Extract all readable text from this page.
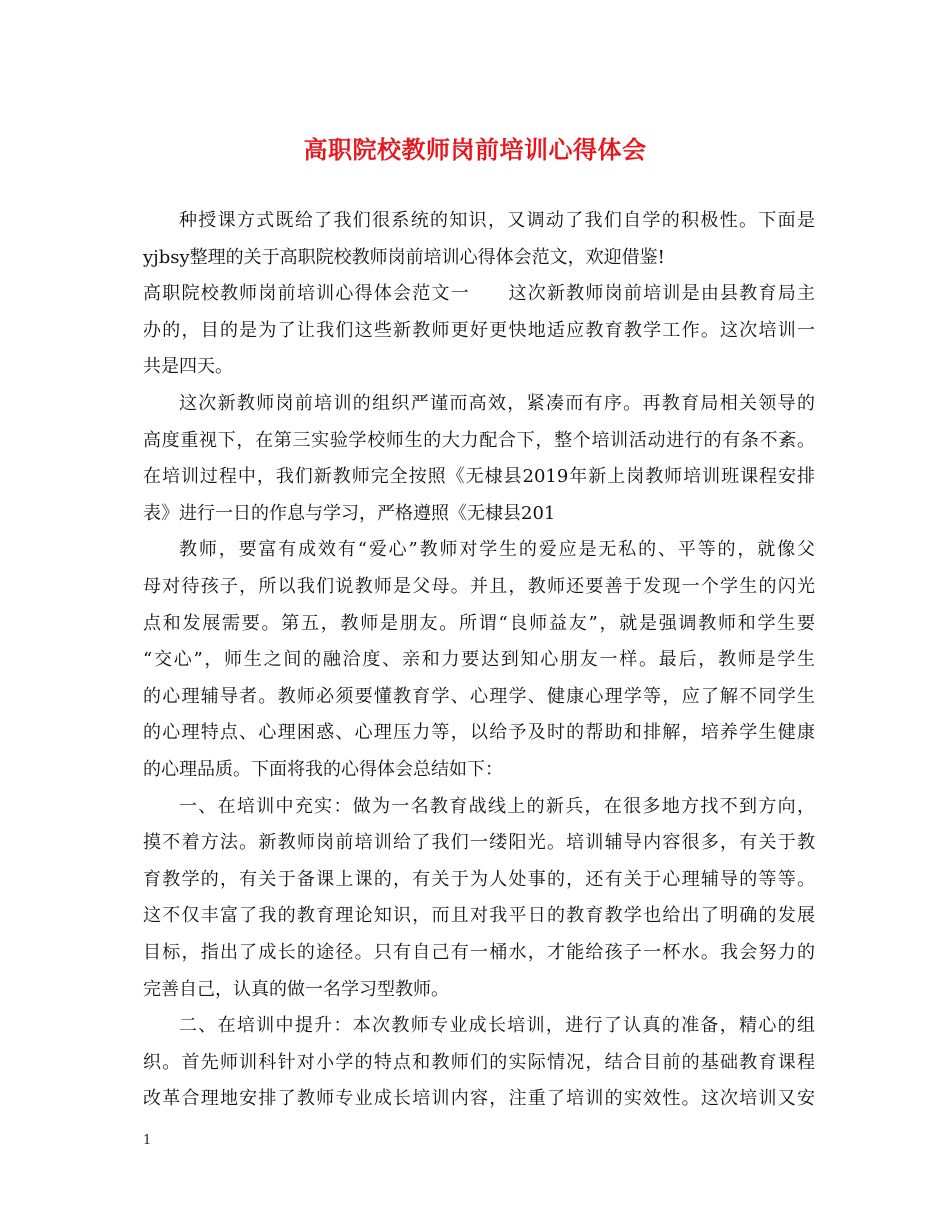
高职院校教师岗前培训心得体会
种授课方式既给了我们很系统的知识，又调动了我们自学的积极性。下面是
yjbsy整理的关于高职院校教师岗前培训心得体会范文，欢迎借鉴!
高职院校教师岗前培训心得体会范文一　　这次新教师岗前培训是由县教育局主
办的，目的是为了让我们这些新教师更好更快地适应教育教学工作。这次培训一
共是四天。
这次新教师岗前培训的组织严谨而高效，紧凑而有序。再教育局相关领导的
高度重视下，在第三实验学校师生的大力配合下，整个培训活动进行的有条不紊。
在培训过程中，我们新教师完全按照《无棣县2019年新上岗教师培训班课程安排
表》进行一日的作息与学习，严格遵照《无棣县201
教师，要富有成效有“爱心”教师对学生的爱应是无私的、平等的，就像父
母对待孩子，所以我们说教师是父母。并且，教师还要善于发现一个学生的闪光
点和发展需要。第五，教师是朋友。所谓“良师益友”，就是强调教师和学生要
“交心”，师生之间的融洽度、亲和力要达到知心朋友一样。最后，教师是学生
的心理辅导者。教师必须要懂教育学、心理学、健康心理学等，应了解不同学生
的心理特点、心理困惑、心理压力等，以给予及时的帮助和排解，培养学生健康
的心理品质。下面将我的心得体会总结如下：
一、在培训中充实：做为一名教育战线上的新兵，在很多地方找不到方向，
摸不着方法。新教师岗前培训给了我们一缕阳光。培训辅导内容很多，有关于教
育教学的，有关于备课上课的，有关于为人处事的，还有关于心理辅导的等等。
这不仅丰富了我的教育理论知识，而且对我平日的教育教学也给出了明确的发展
目标，指出了成长的途径。只有自己有一桶水，才能给孩子一杯水。我会努力的
完善自己，认真的做一名学习型教师。
二、在培训中提升：本次教师专业成长培训，进行了认真的准备，精心的组
织。首先师训科针对小学的特点和教师们的实际情况，结合目前的基础教育课程
改革合理地安排了教师专业成长培训内容，注重了培训的实效性。这次培训又安
1
